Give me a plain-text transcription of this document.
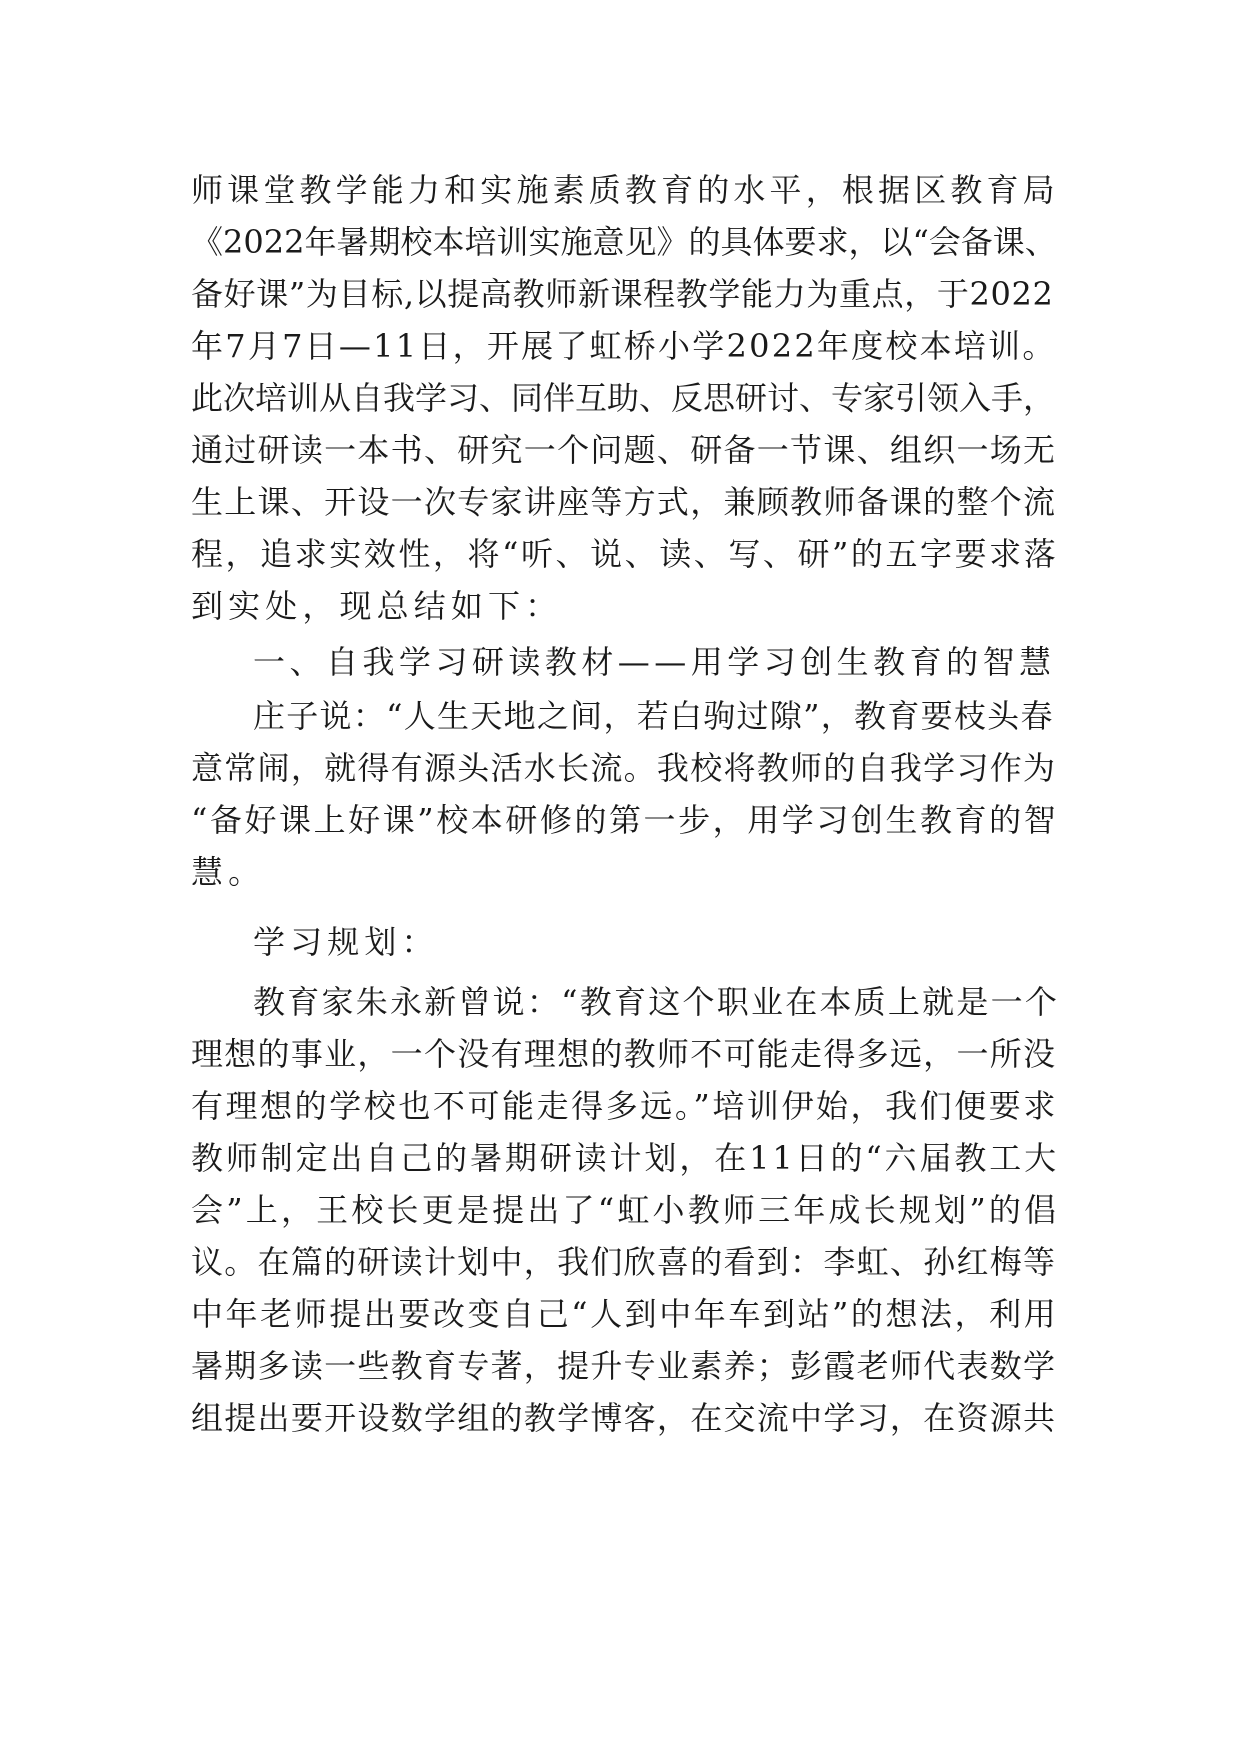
师课堂教学能力和实施素质教育的水平，根据区教育局
《2022年暑期校本培训实施意见》的具体要求，以“会备课、
备好课”为目标,以提高教师新课程教学能力为重点，于2022
年7月7日—11日，开展了虹桥小学2022年度校本培训。
此次培训从自我学习、同伴互助、反思研讨、专家引领入手，
通过研读一本书、研究一个问题、研备一节课、组织一场无
生上课、开设一次专家讲座等方式，兼顾教师备课的整个流
程，追求实效性，将“听、说、读、写、研”的五字要求落
到实处，现总结如下：
一、自我学习研读教材——用学习创生教育的智慧
庄子说：“人生天地之间，若白驹过隙”，教育要枝头春
意常闹，就得有源头活水长流。我校将教师的自我学习作为
“备好课上好课”校本研修的第一步，用学习创生教育的智
慧。
学习规划：
教育家朱永新曾说：“教育这个职业在本质上就是一个
理想的事业，一个没有理想的教师不可能走得多远，一所没
有理想的学校也不可能走得多远。”培训伊始，我们便要求
教师制定出自己的暑期研读计划，在11日的“六届教工大
会”上，王校长更是提出了“虹小教师三年成长规划”的倡
议。在篇的研读计划中，我们欣喜的看到：李虹、孙红梅等
中年老师提出要改变自己“人到中年车到站”的想法，利用
暑期多读一些教育专著，提升专业素养；彭霞老师代表数学
组提出要开设数学组的教学博客，在交流中学习，在资源共
